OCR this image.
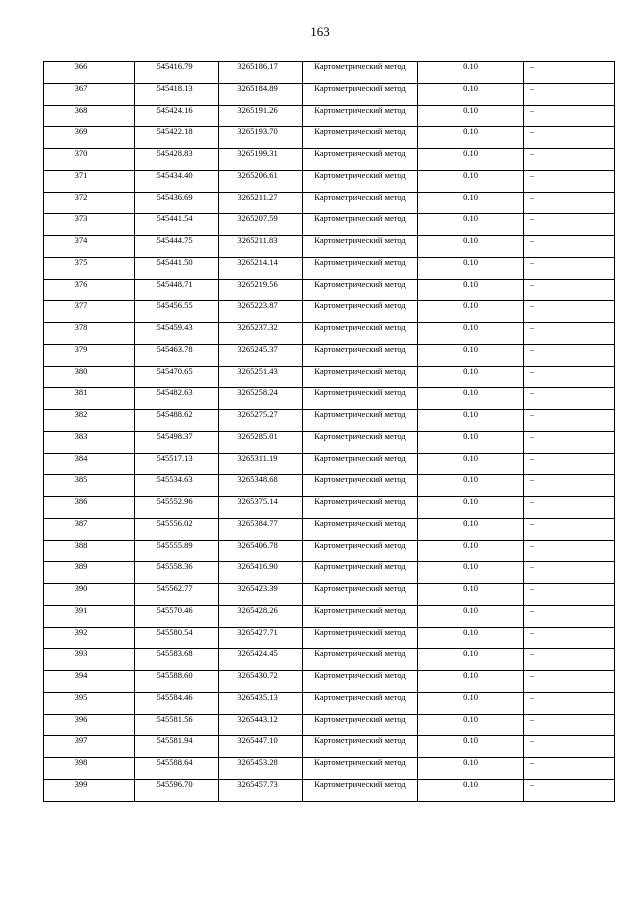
163
366	545416.79	3265186.17	Картометрический метод	0.10	–
367	545418.13	3265184.89	Картометрический метод	0.10	–
368	545424.16	3265191.26	Картометрический метод	0.10	–
369	545422.18	3265193.70	Картометрический метод	0.10	–
370	545428.83	3265199.31	Картометрический метод	0.10	–
371	545434.40	3265206.61	Картометрический метод	0.10	–
372	545436.69	3265211.27	Картометрический метод	0.10	–
373	545441.54	3265207.59	Картометрический метод	0.10	–
374	545444.75	3265211.83	Картометрический метод	0.10	–
375	545441.50	3265214.14	Картометрический метод	0.10	–
376	545448.71	3265219.56	Картометрический метод	0.10	–
377	545456.55	3265223.87	Картометрический метод	0.10	–
378	545459.43	3265237.32	Картометрический метод	0.10	–
379	545463.78	3265245.37	Картометрический метод	0.10	–
380	545470.65	3265251.43	Картометрический метод	0.10	–
381	545482.63	3265258.24	Картометрический метод	0.10	–
382	545488.62	3265275.27	Картометрический метод	0.10	–
383	545498.37	3265285.01	Картометрический метод	0.10	–
384	545517.13	3265311.19	Картометрический метод	0.10	–
385	545534.63	3265348.68	Картометрический метод	0.10	–
386	545552.96	3265375.14	Картометрический метод	0.10	–
387	545556.02	3265384.77	Картометрический метод	0.10	–
388	545555.89	3265406.78	Картометрический метод	0.10	–
389	545558.36	3265416.90	Картометрический метод	0.10	–
390	545562.77	3265423.39	Картометрический метод	0.10	–
391	545570.46	3265428.26	Картометрический метод	0.10	–
392	545580.54	3265427.71	Картометрический метод	0.10	–
393	545583.68	3265424.45	Картометрический метод	0.10	–
394	545588.60	3265430.72	Картометрический метод	0.10	–
395	545584.46	3265435.13	Картометрический метод	0.10	–
396	545581.56	3265443.12	Картометрический метод	0.10	–
397	545581.94	3265447.10	Картометрический метод	0.10	–
398	545588.64	3265453.28	Картометрический метод	0.10	–
399	545596.70	3265457.73	Картометрический метод	0.10	–
